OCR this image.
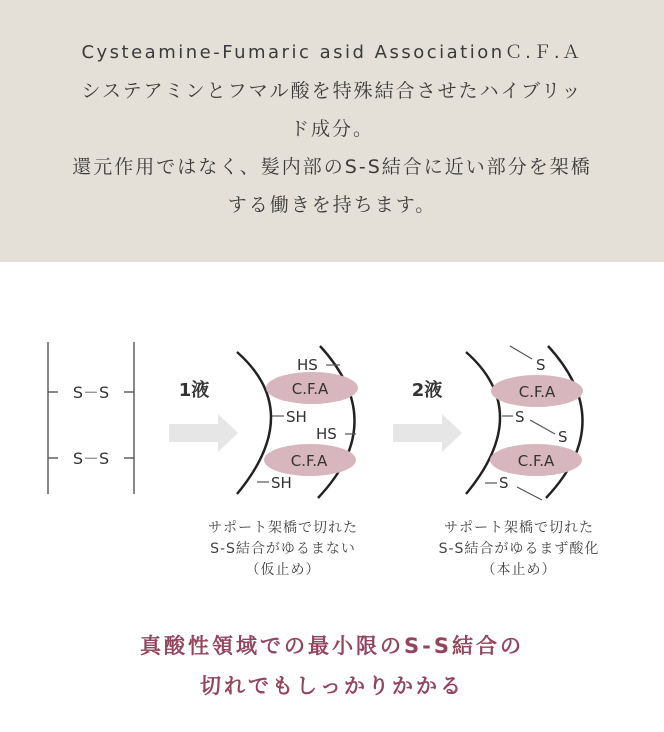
Cysteamine-Fumaric asid AssociationＣ.Ｆ.Ａ
システアミンとフマル酸を特殊結合させたハイブリッ
ド成分。
還元作用ではなく、髪内部のS-S結合に近い部分を架橋
する働きを持ちます。
S－S
S－S
1液	C.F.A
C.F.A
HS
SH
HS
SH
2液	C.F.A
C.F.A
S
S
S
S
サポート架橋で切れた
S-S結合がゆるまない
（仮止め）
サポート架橋で切れた
S-S結合がゆるまず酸化
（本止め）
真酸性領域での最小限のS-S結合の
切れでもしっかりかかる
